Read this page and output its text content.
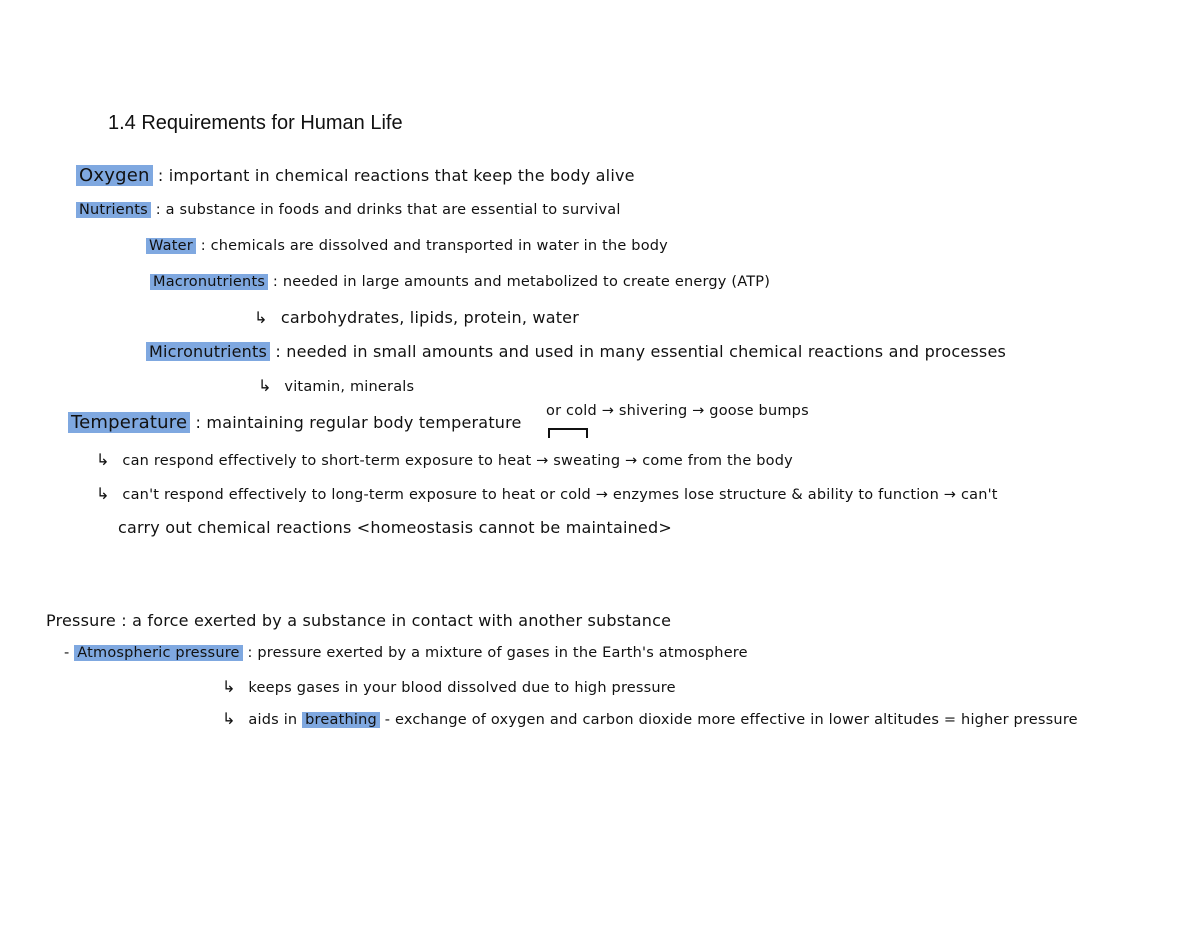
1.4 Requirements for Human Life
Oxygen : important in chemical reactions that keep the body alive
Nutrients : a substance in foods and drinks that are essential to survival
Water : chemicals are dissolved and transported in water in the body
Macronutrients : needed in large amounts and metabolized to create energy (ATP)
↳ carbohydrates, lipids, protein, water
Micronutrients : needed in small amounts and used in many essential chemical reactions and processes
↳ vitamin, minerals
or cold → shivering → goose bumps
Temperature : maintaining regular body temperature
↳ can respond effectively to short-term exposure to heat → sweating → come from the body
↳ can't respond effectively to long-term exposure to heat or cold → enzymes lose structure & ability to function → can't
carry out chemical reactions <homeostasis cannot be maintained>
Pressure : a force exerted by a substance in contact with another substance
- Atmospheric pressure : pressure exerted by a mixture of gases in the Earth's atmosphere
↳ keeps gases in your blood dissolved due to high pressure
↳ aids in breathing - exchange of oxygen and carbon dioxide more effective in lower altitudes = higher pressure
